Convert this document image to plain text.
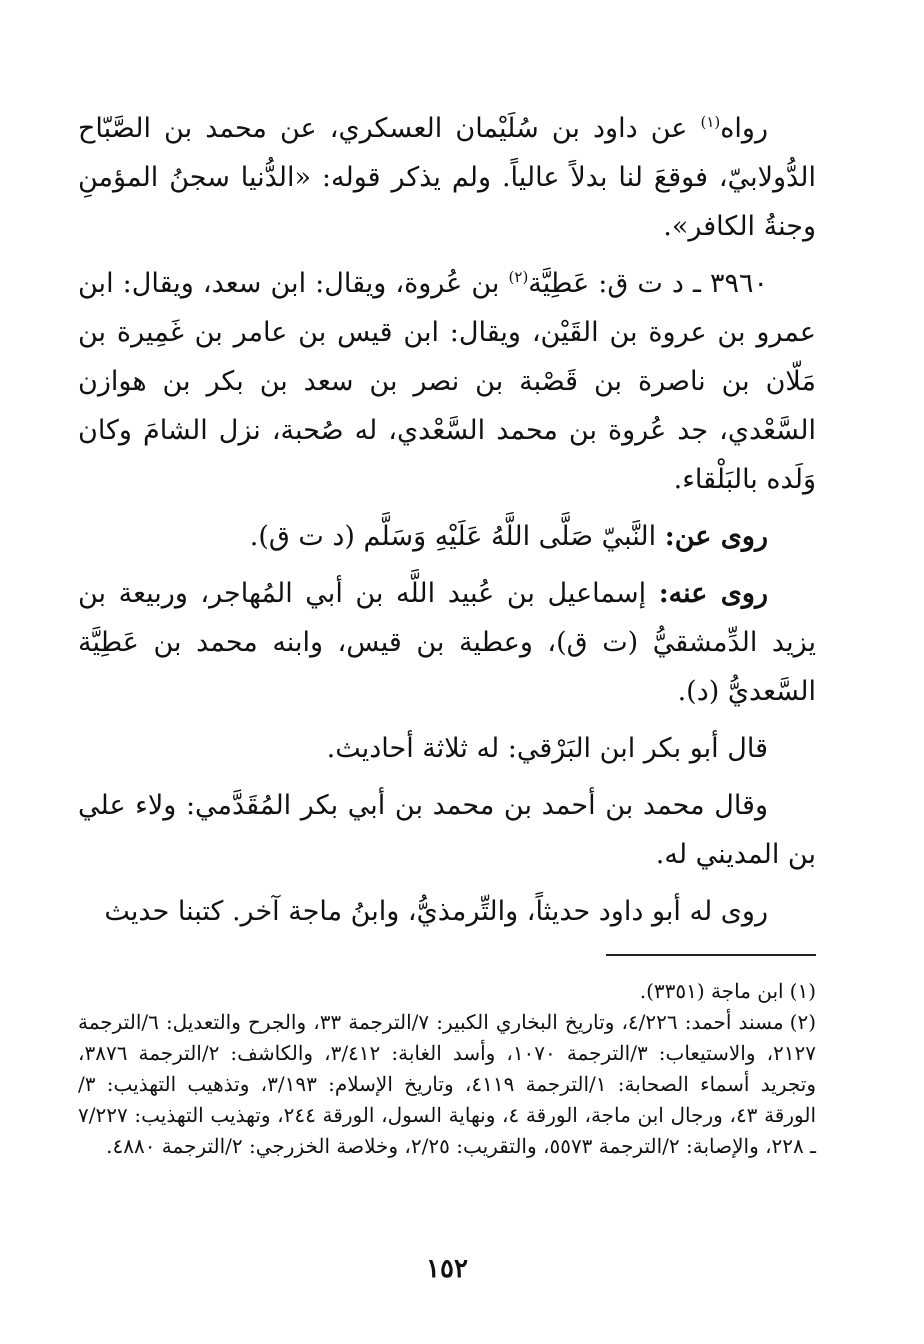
رواه$^{(١)}$ عن داود بن سُلَيْمان العسكري، عن محمد بن الصَّبّاح الدُّولابيّ، فوقعَ لنا بدلاً عالياً. ولم يذكر قوله: «الدُّنيا سجنُ المؤمنِ وجنةُ الكافر».

٣٩٦٠ ـ د ت ق: عَطِيَّة$^{(٢)}$ بن عُروة، ويقال: ابن سعد، ويقال: ابن عمرو بن عروة بن القَيْن، ويقال: ابن قيس بن عامر بن غَمِيرة بن مَلّان بن ناصرة بن قَصْبة بن نصر بن سعد بن بكر بن هوازن السَّعْدي، جد عُروة بن محمد السَّعْدي، له صُحبة، نزل الشامَ وكان وَلَده بالبَلْقاء.

روى عن: النَّبيّ صَلَّى اللَّهُ عَلَيْهِ وَسَلَّم (د ت ق).

روى عنه: إسماعيل بن عُبيد اللَّه بن أبي المُهاجر، وربيعة بن يزيد الدِّمشقيُّ (ت ق)، وعطية بن قيس، وابنه محمد بن عَطِيَّة السَّعديُّ (د).

قال أبو بكر ابن البَرْقي: له ثلاثة أحاديث.

وقال محمد بن أحمد بن محمد بن أبي بكر المُقَدَّمي: ولاء علي بن المديني له.

روى له أبو داود حديثاً، والتِّرمذيُّ، وابنُ ماجة آخر. كتبنا حديث

(١)ابن ماجة (٣٣٥١).

(٢)مسند أحمد: ٤/٢٢٦، وتاريخ البخاري الكبير: ٧/الترجمة ٣٣، والجرح والتعديل: ٦/الترجمة ٢١٢٧، والاستيعاب: ٣/الترجمة ١٠٧٠، وأسد الغابة: ٣/٤١٢، والكاشف: ٢/الترجمة ٣٨٧٦، وتجريد أسماء الصحابة: ١/الترجمة ٤١١٩، وتاريخ الإسلام: ٣/١٩٣، وتذهيب التهذيب: ٣/الورقة ٤٣، ورجال ابن ماجة، الورقة ٤، ونهاية السول، الورقة ٢٤٤، وتهذيب التهذيب: ٧/٢٢٧ ـ ٢٢٨، والإصابة: ٢/الترجمة ٥٥٧٣، والتقريب: ٢/٢٥، وخلاصة الخزرجي: ٢/الترجمة ٤٨٨٠.

١٥٢
